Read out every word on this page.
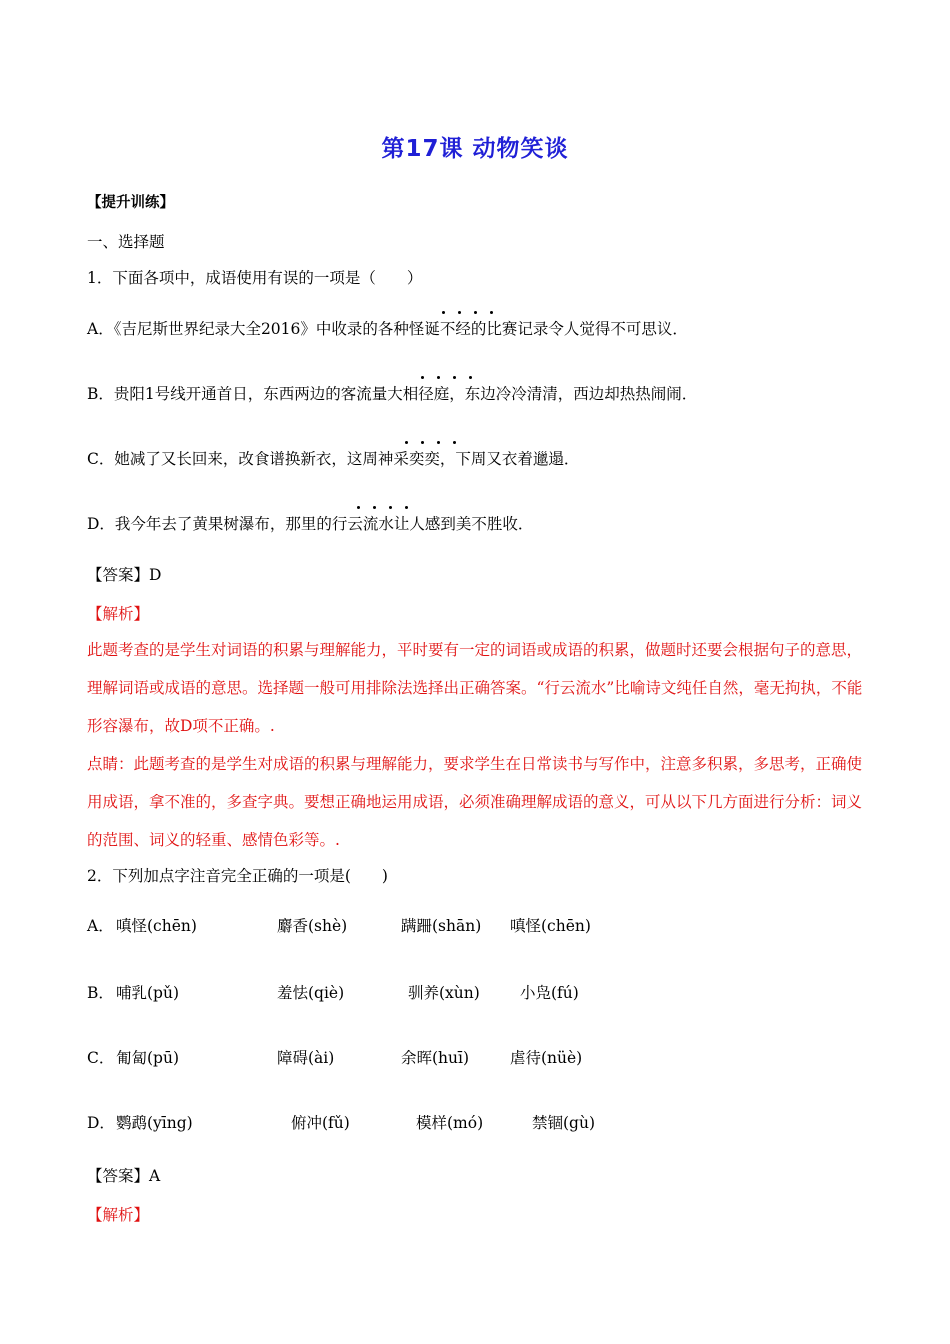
第17课 动物笑谈
【提升训练】
一、选择题
1．下面各项中，成语使用有误的一项是（　　）
A．《吉尼斯世界纪录大全2016》中收录的各种怪诞不经的比赛记录令人觉得不可思议．
B．贵阳1号线开通首日，东西两边的客流量大相径庭，东边冷冷清清，西边却热热闹闹．
C．她减了又长回来，改食谱换新衣，这周神采奕奕，下周又衣着邋遢．
D．我今年去了黄果树瀑布，那里的行云流水让人感到美不胜收．
【答案】D
【解析】
此题考查的是学生对词语的积累与理解能力，平时要有一定的词语或成语的积累，做题时还要会根据句子的意思，理解词语或成语的意思。选择题一般可用排除法选择出正确答案。“行云流水”比喻诗文纯任自然，毫无拘执，不能形容瀑布，故D项不正确。.
点睛：此题考查的是学生对成语的积累与理解能力，要求学生在日常读书与写作中，注意多积累，多思考，正确使用成语，拿不准的，多查字典。要想正确地运用成语，必须准确理解成语的意义，可从以下几方面进行分析：词义的范围、词义的轻重、感情色彩等。.
2．下列加点字注音完全正确的一项是(　　)
A． 嗔怪(chēn)	麝香(shè)	蹒跚(shān) 嗔怪(chēn)
B． 哺乳(pǔ)	羞怯(qiè)	驯养(xùn)	小凫(fú)
C． 匍匐(pū)	障碍(ài)	余晖(huī)	虐待(nüè)
D． 鹦鹉(yīng)	俯冲(fǔ)	模样(mó)	禁锢(gù)
【答案】A
【解析】
